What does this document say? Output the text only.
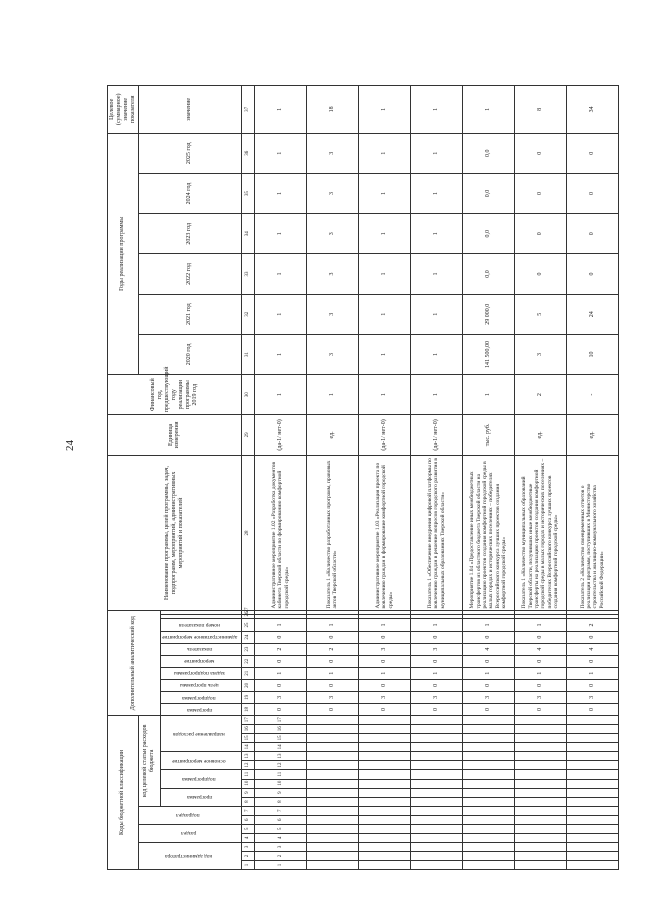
24
Коды бюджетной классификации																	Дополнительный аналитический код										Наименование программы, целей программы, задач, подпрограмм, мероприятий, административных мероприятий и показателей	Единица измерения	Финансовый год, предшествующий году реализации программы 2019 год	Годы реализации программы						Целевое (суммарное) значение показателя
код администратора			раздел		подраздел		код целевой статьи расходов бюджета																							2020 год	2021 год	2022 год	2023 год	2024 год	2025 год	значение
							программа		подпрограмма		основное мероприятие		направление расходов				программа	подпрограмма	цель программы	задача подпрограммы	мероприятие	показатель	административное мероприятие	номер показателя												
1	2	3	4	5	6	7	8	9	10	11	12	13	14	15	16	17	18	19	20	21	22	23	24	25	26	27	28	29	30	31	32	33	34	35	36	37
1	2	3	4	5	6	7	8	9	10	11	12	13	14	15	16	17	0	3	0	1	0	2	0	1			Административное мероприятие 1.02 «Разработка документов кабинета Тверской области по формированию комфортной городской среды»	(да-1/ нет-0)	1	1	1	1	1	1	1	1
																	0	3	0	1	0	2	0	1			Показатель 1 «Количество разработанных программ, правовых актов Тверской области»	ед.	1	3	3	3	3	3	3	18
																	0	3	0	1	0	3	0	1			Административное мероприятие 1.03 «Реализация проекта по вовлечению граждан в формирование комфортной городской среды»	(да-1/ нет-0)	1	1	1	1	1	1	1	1
																	0	3	0	1	0	3	0	1			Показатель 1 «Обеспечение внедрения цифровой платформы по вовлечению граждан в решение вопросов городского развития в муниципальных образованиях Тверской области»	(да-1/ нет-0)	1	1	1	1	1	1	1	1
																	0	3	0	1	0	4	0	1			Мероприятие 1.04 «Предоставление иных межбюджетных трансфертов из областного бюджета Тверской области на реализацию проектов создания комфортной городской среды в малых городах и исторических поселениях – победителях Всероссийского конкурса лучших проектов создания комфортной городской среды»	тыс. руб.	1	141 500,00	29 000,0	0,0	0,0	0,0	0,0	1
																	0	3	0	1	0	4	0	1			Показатель 1 «Количество муниципальных образований Тверской области, получивших иные межбюджетные трансферты на реализацию проектов создания комфортной городской среды в малых городах и исторических поселениях – победителях Всероссийского конкурса лучших проектов создания комфортной городской среды»	ед.	2	3	5	0	0	0	0	8
																	0	3	0	1	0	4	0	2			Показатель 2 «Количество своевременных отчетов о реализации программ, поступивших в Министерство строительства и жилищно-коммунального хозяйства Российской Федерации»	ед.	-	10	24	0	0	0	0	34
